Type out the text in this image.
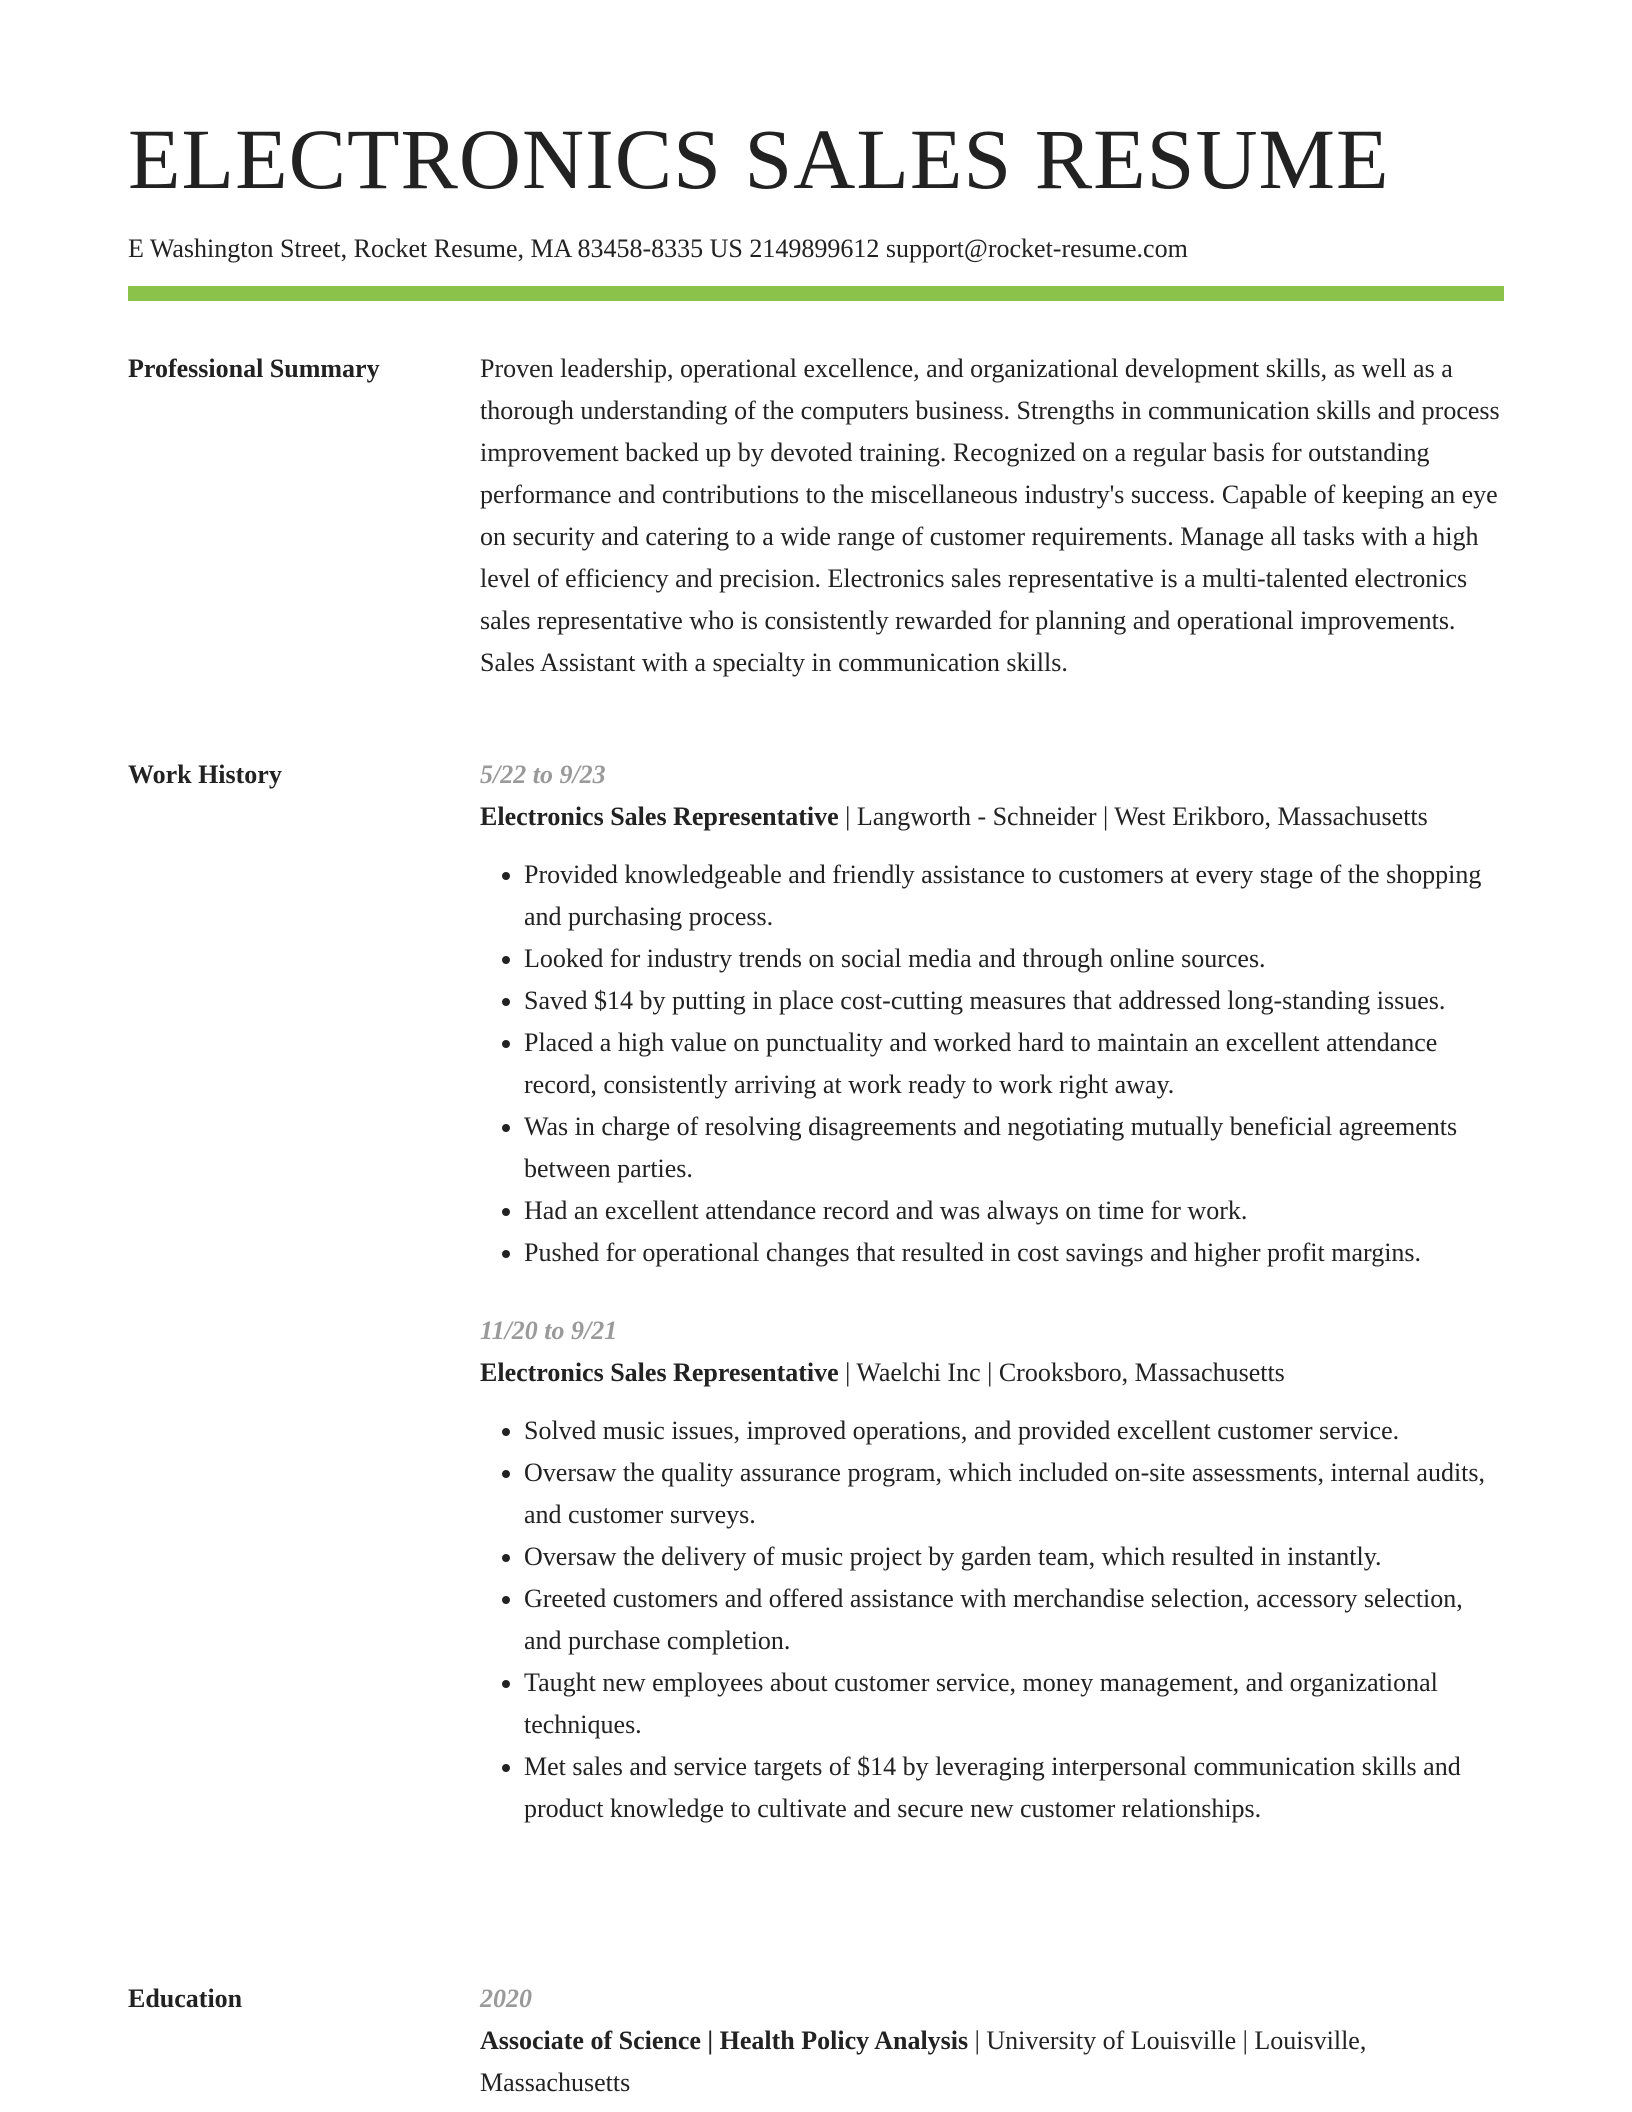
ELECTRONICS SALES RESUME
E Washington Street, Rocket Resume, MA 83458-8335 US 2149899612 support@rocket-resume.com
Professional Summary	Proven leadership, operational excellence, and organizational development skills, as well as a thorough understanding of the computers business. Strengths in communication skills and process improvement backed up by devoted training. Recognized on a regular basis for outstanding performance and contributions to the miscellaneous industry's success. Capable of keeping an eye on security and catering to a wide range of customer requirements. Manage all tasks with a high level of efficiency and precision. Electronics sales representative is a multi-talented electronics sales representative who is consistently rewarded for planning and operational improvements. Sales Assistant with a specialty in communication skills.

Work History	5/22 to 9/23
Electronics Sales Representative | Langworth - Schneider | West Erikboro, Massachusetts
• Provided knowledgeable and friendly assistance to customers at every stage of the shopping and purchasing process.
• Looked for industry trends on social media and through online sources.
• Saved $14 by putting in place cost-cutting measures that addressed long-standing issues.
• Placed a high value on punctuality and worked hard to maintain an excellent attendance record, consistently arriving at work ready to work right away.
• Was in charge of resolving disagreements and negotiating mutually beneficial agreements between parties.
• Had an excellent attendance record and was always on time for work.
• Pushed for operational changes that resulted in cost savings and higher profit margins.
11/20 to 9/21
Electronics Sales Representative | Waelchi Inc | Crooksboro, Massachusetts
• Solved music issues, improved operations, and provided excellent customer service.
• Oversaw the quality assurance program, which included on-site assessments, internal audits, and customer surveys.
• Oversaw the delivery of music project by garden team, which resulted in instantly.
• Greeted customers and offered assistance with merchandise selection, accessory selection, and purchase completion.
• Taught new employees about customer service, money management, and organizational techniques.
• Met sales and service targets of $14 by leveraging interpersonal communication skills and product knowledge to cultivate and secure new customer relationships.
Education	2020
Associate of Science | Health Policy Analysis | University of Louisville | Louisville, Massachusetts
